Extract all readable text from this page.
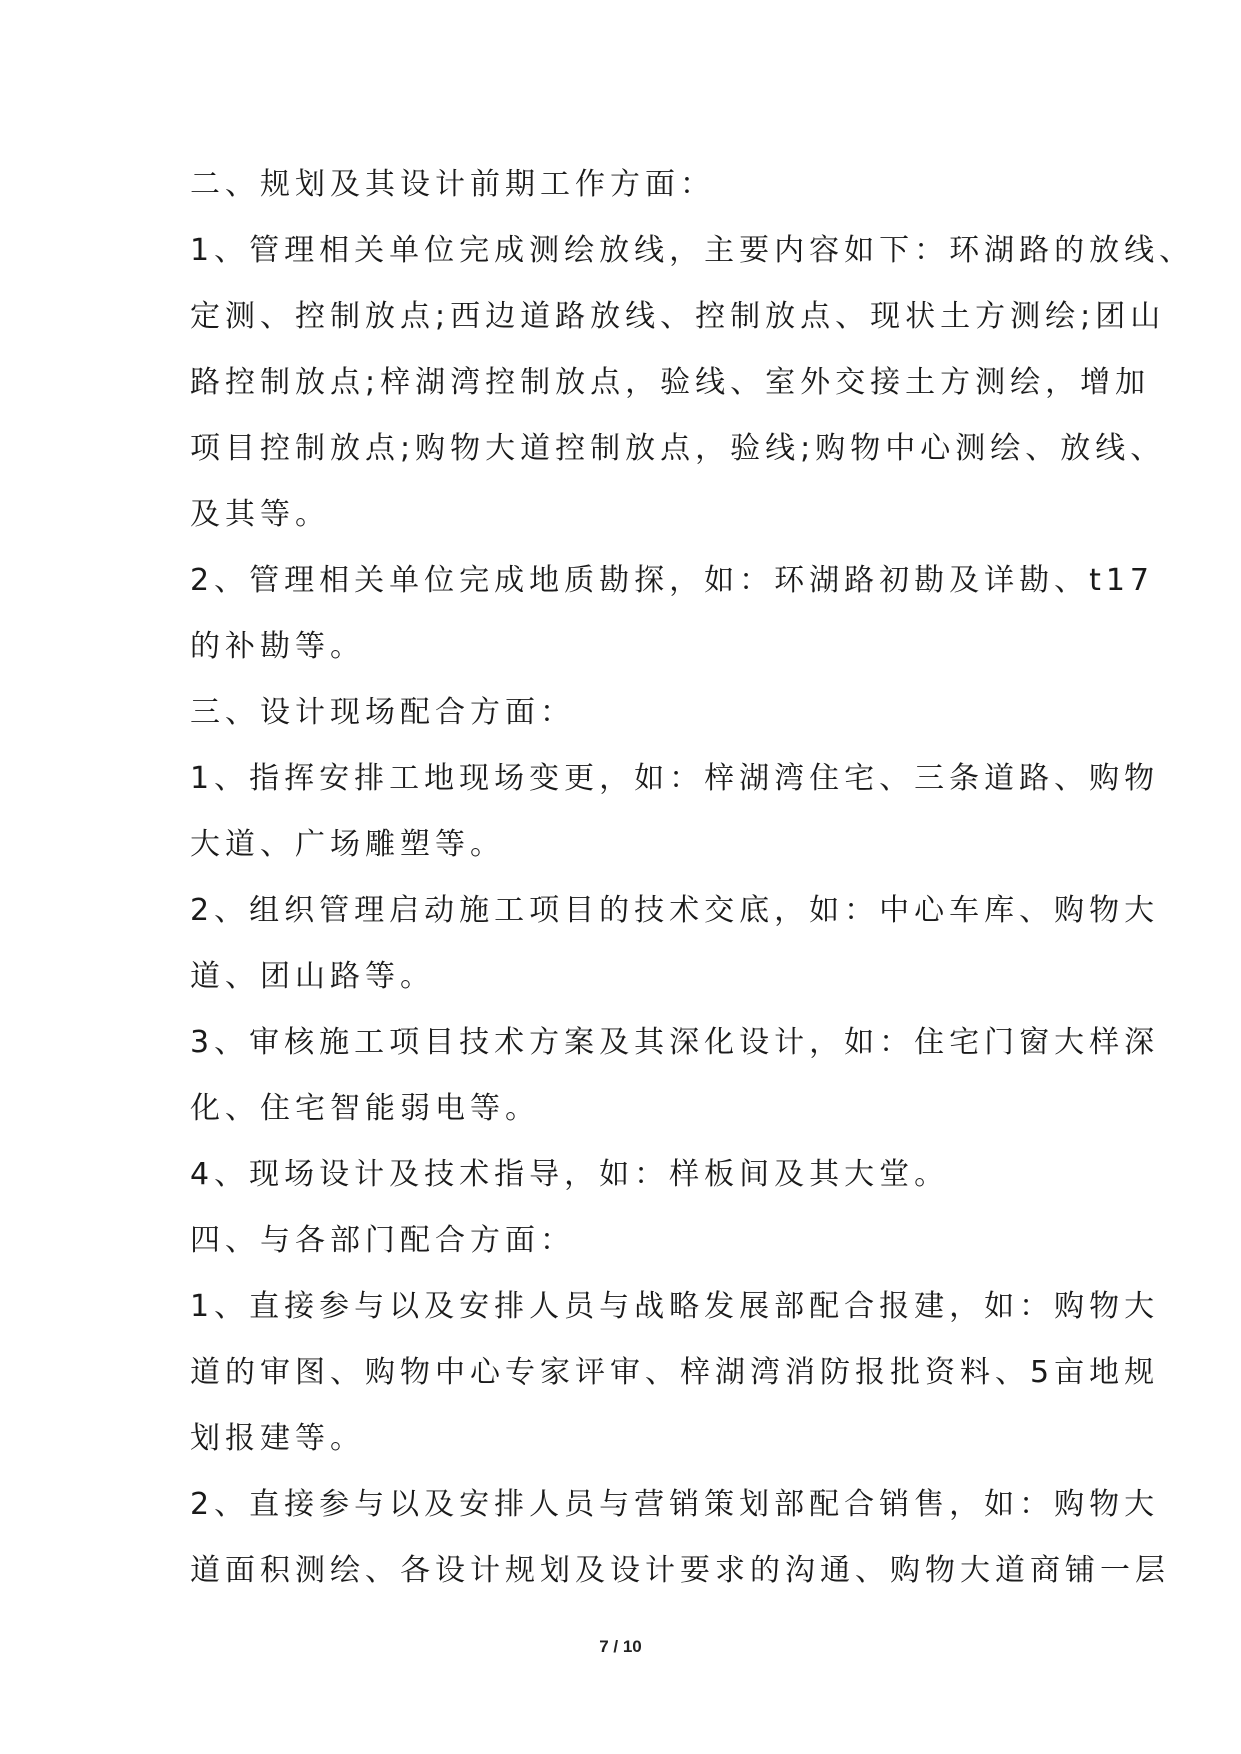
二、规划及其设计前期工作方面：
1、管理相关单位完成测绘放线，主要内容如下：环湖路的放线、
定测、控制放点;西边道路放线、控制放点、现状土方测绘;团山
路控制放点;梓湖湾控制放点，验线、室外交接土方测绘，增加
项目控制放点;购物大道控制放点，验线;购物中心测绘、放线、
及其等。
2、管理相关单位完成地质勘探，如：环湖路初勘及详勘、t17
的补勘等。
三、设计现场配合方面：
1、指挥安排工地现场变更，如：梓湖湾住宅、三条道路、购物
大道、广场雕塑等。
2、组织管理启动施工项目的技术交底，如：中心车库、购物大
道、团山路等。
3、审核施工项目技术方案及其深化设计，如：住宅门窗大样深
化、住宅智能弱电等。
4、现场设计及技术指导，如：样板间及其大堂。
四、与各部门配合方面：
1、直接参与以及安排人员与战略发展部配合报建，如：购物大
道的审图、购物中心专家评审、梓湖湾消防报批资料、5亩地规
划报建等。
2、直接参与以及安排人员与营销策划部配合销售，如：购物大
道面积测绘、各设计规划及设计要求的沟通、购物大道商铺一层
7 / 10
